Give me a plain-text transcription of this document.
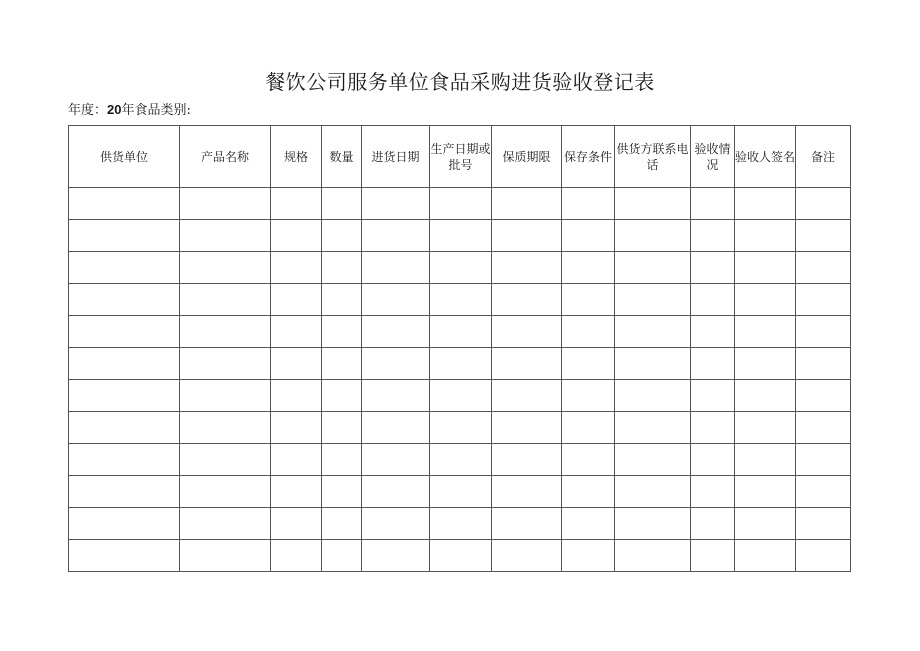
餐饮公司服务单位食品采购进货验收登记表
年度：20年食品类别:
供货单位	产品名称	规格	数量	进货日期	生产日期或批号	保质期限	保存条件	供货方联系电话	验收情况	验收人签名	备注
